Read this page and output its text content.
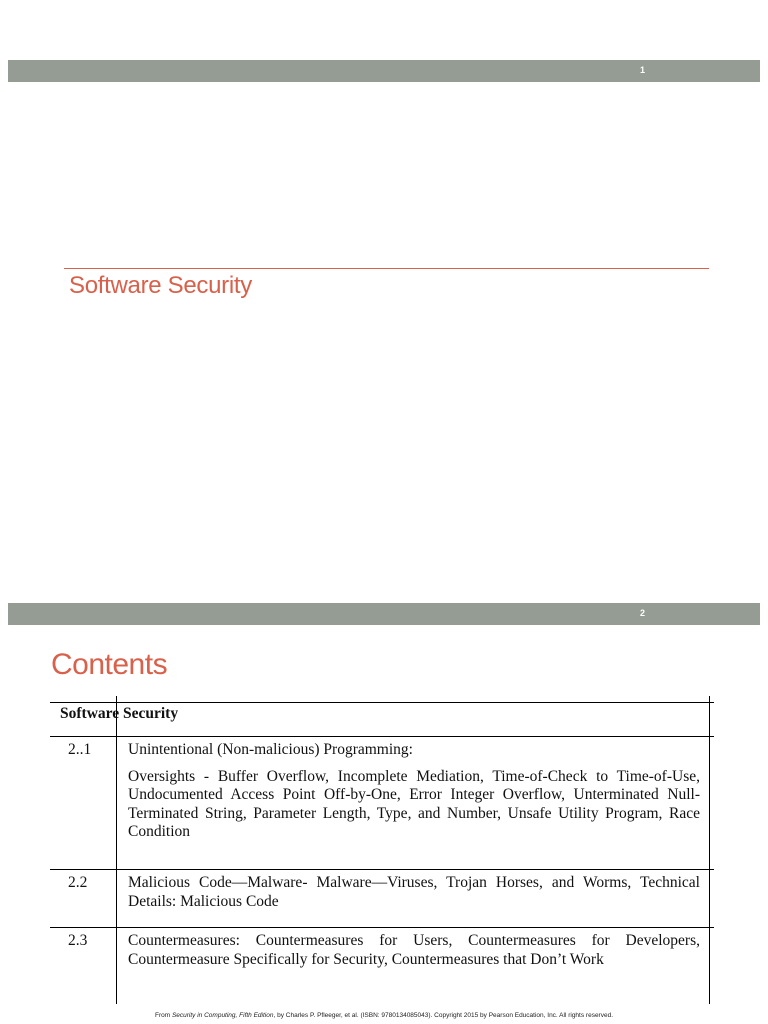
1
Software Security
2
Contents
Software Security
2..1 Unintentional (Non-malicious) Programming:

Oversights - Buffer Overflow, Incomplete Mediation, Time-of-Check to Time-of-Use, Undocumented Access Point Off-by-One, Error Integer Overflow, Unterminated Null-Terminated String, Parameter Length, Type, and Number, Unsafe Utility Program, Race Condition

2.2	Malicious Code—Malware- Malware—Viruses, Trojan Horses, and Worms, Technical Details: Malicious Code

2.3	Countermeasures: Countermeasures for Users, Countermeasures for Developers, Countermeasure Specifically for Security, Countermeasures that Don’t Work

From Security in Computing, Fifth Edition, by Charles P. Pfleeger, et al. (ISBN: 9780134085043). Copyright 2015 by Pearson Education, Inc. All rights reserved.
